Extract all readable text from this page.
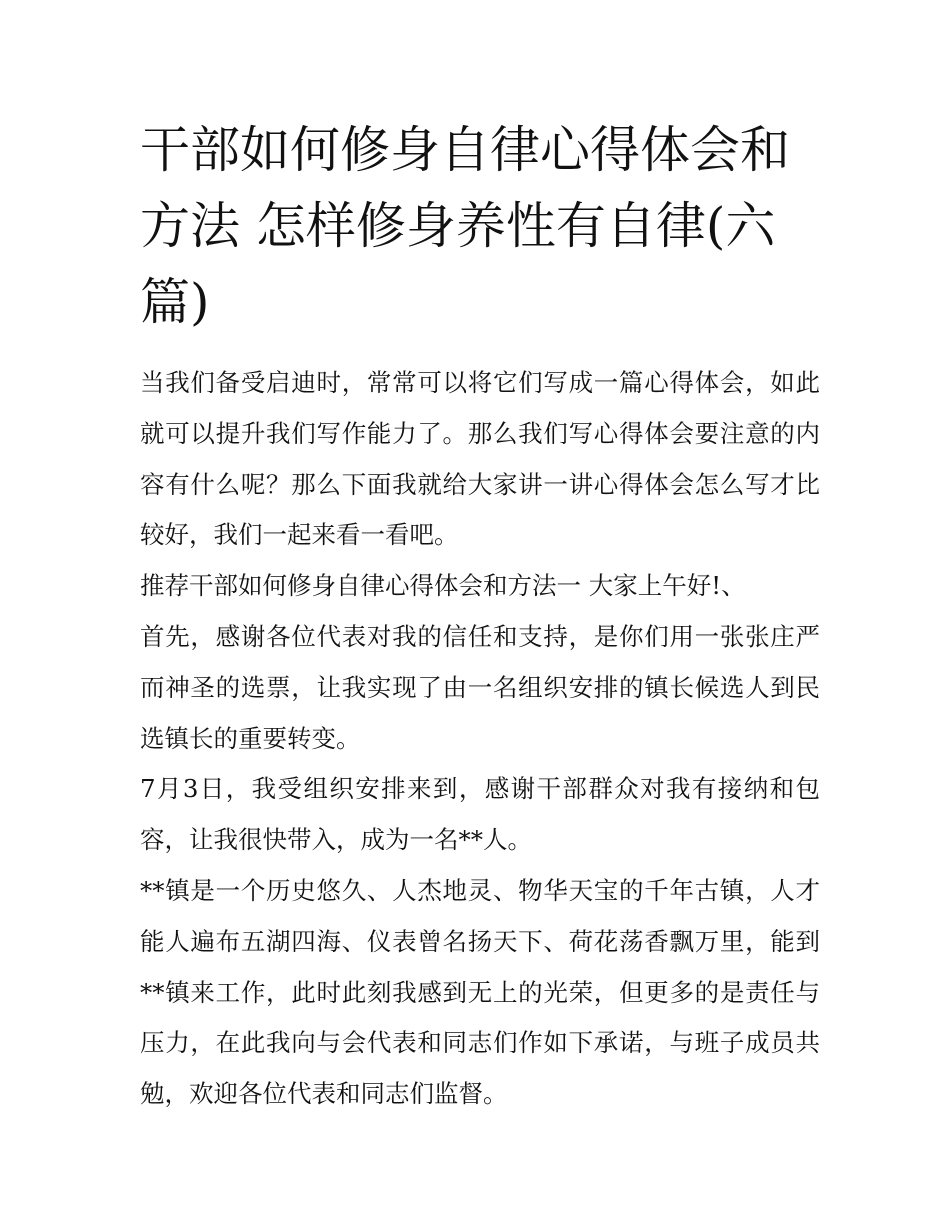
干部如何修身自律心得体会和方法 怎样修身养性有自律(六篇)

当我们备受启迪时，常常可以将它们写成一篇心得体会，如此就可以提升我们写作能力了。那么我们写心得体会要注意的内容有什么呢？那么下面我就给大家讲一讲心得体会怎么写才比较好，我们一起来看一看吧。

推荐干部如何修身自律心得体会和方法一 大家上午好!、

首先，感谢各位代表对我的信任和支持，是你们用一张张庄严而神圣的选票，让我实现了由一名组织安排的镇长候选人到民选镇长的重要转变。

7月3日，我受组织安排来到，感谢干部群众对我有接纳和包容，让我很快带入，成为一名**人。

**镇是一个历史悠久、人杰地灵、物华天宝的千年古镇，人才能人遍布五湖四海、仪表曾名扬天下、荷花荡香飘万里，能到**镇来工作，此时此刻我感到无上的光荣，但更多的是责任与压力，在此我向与会代表和同志们作如下承诺，与班子成员共勉，欢迎各位代表和同志们监督。
